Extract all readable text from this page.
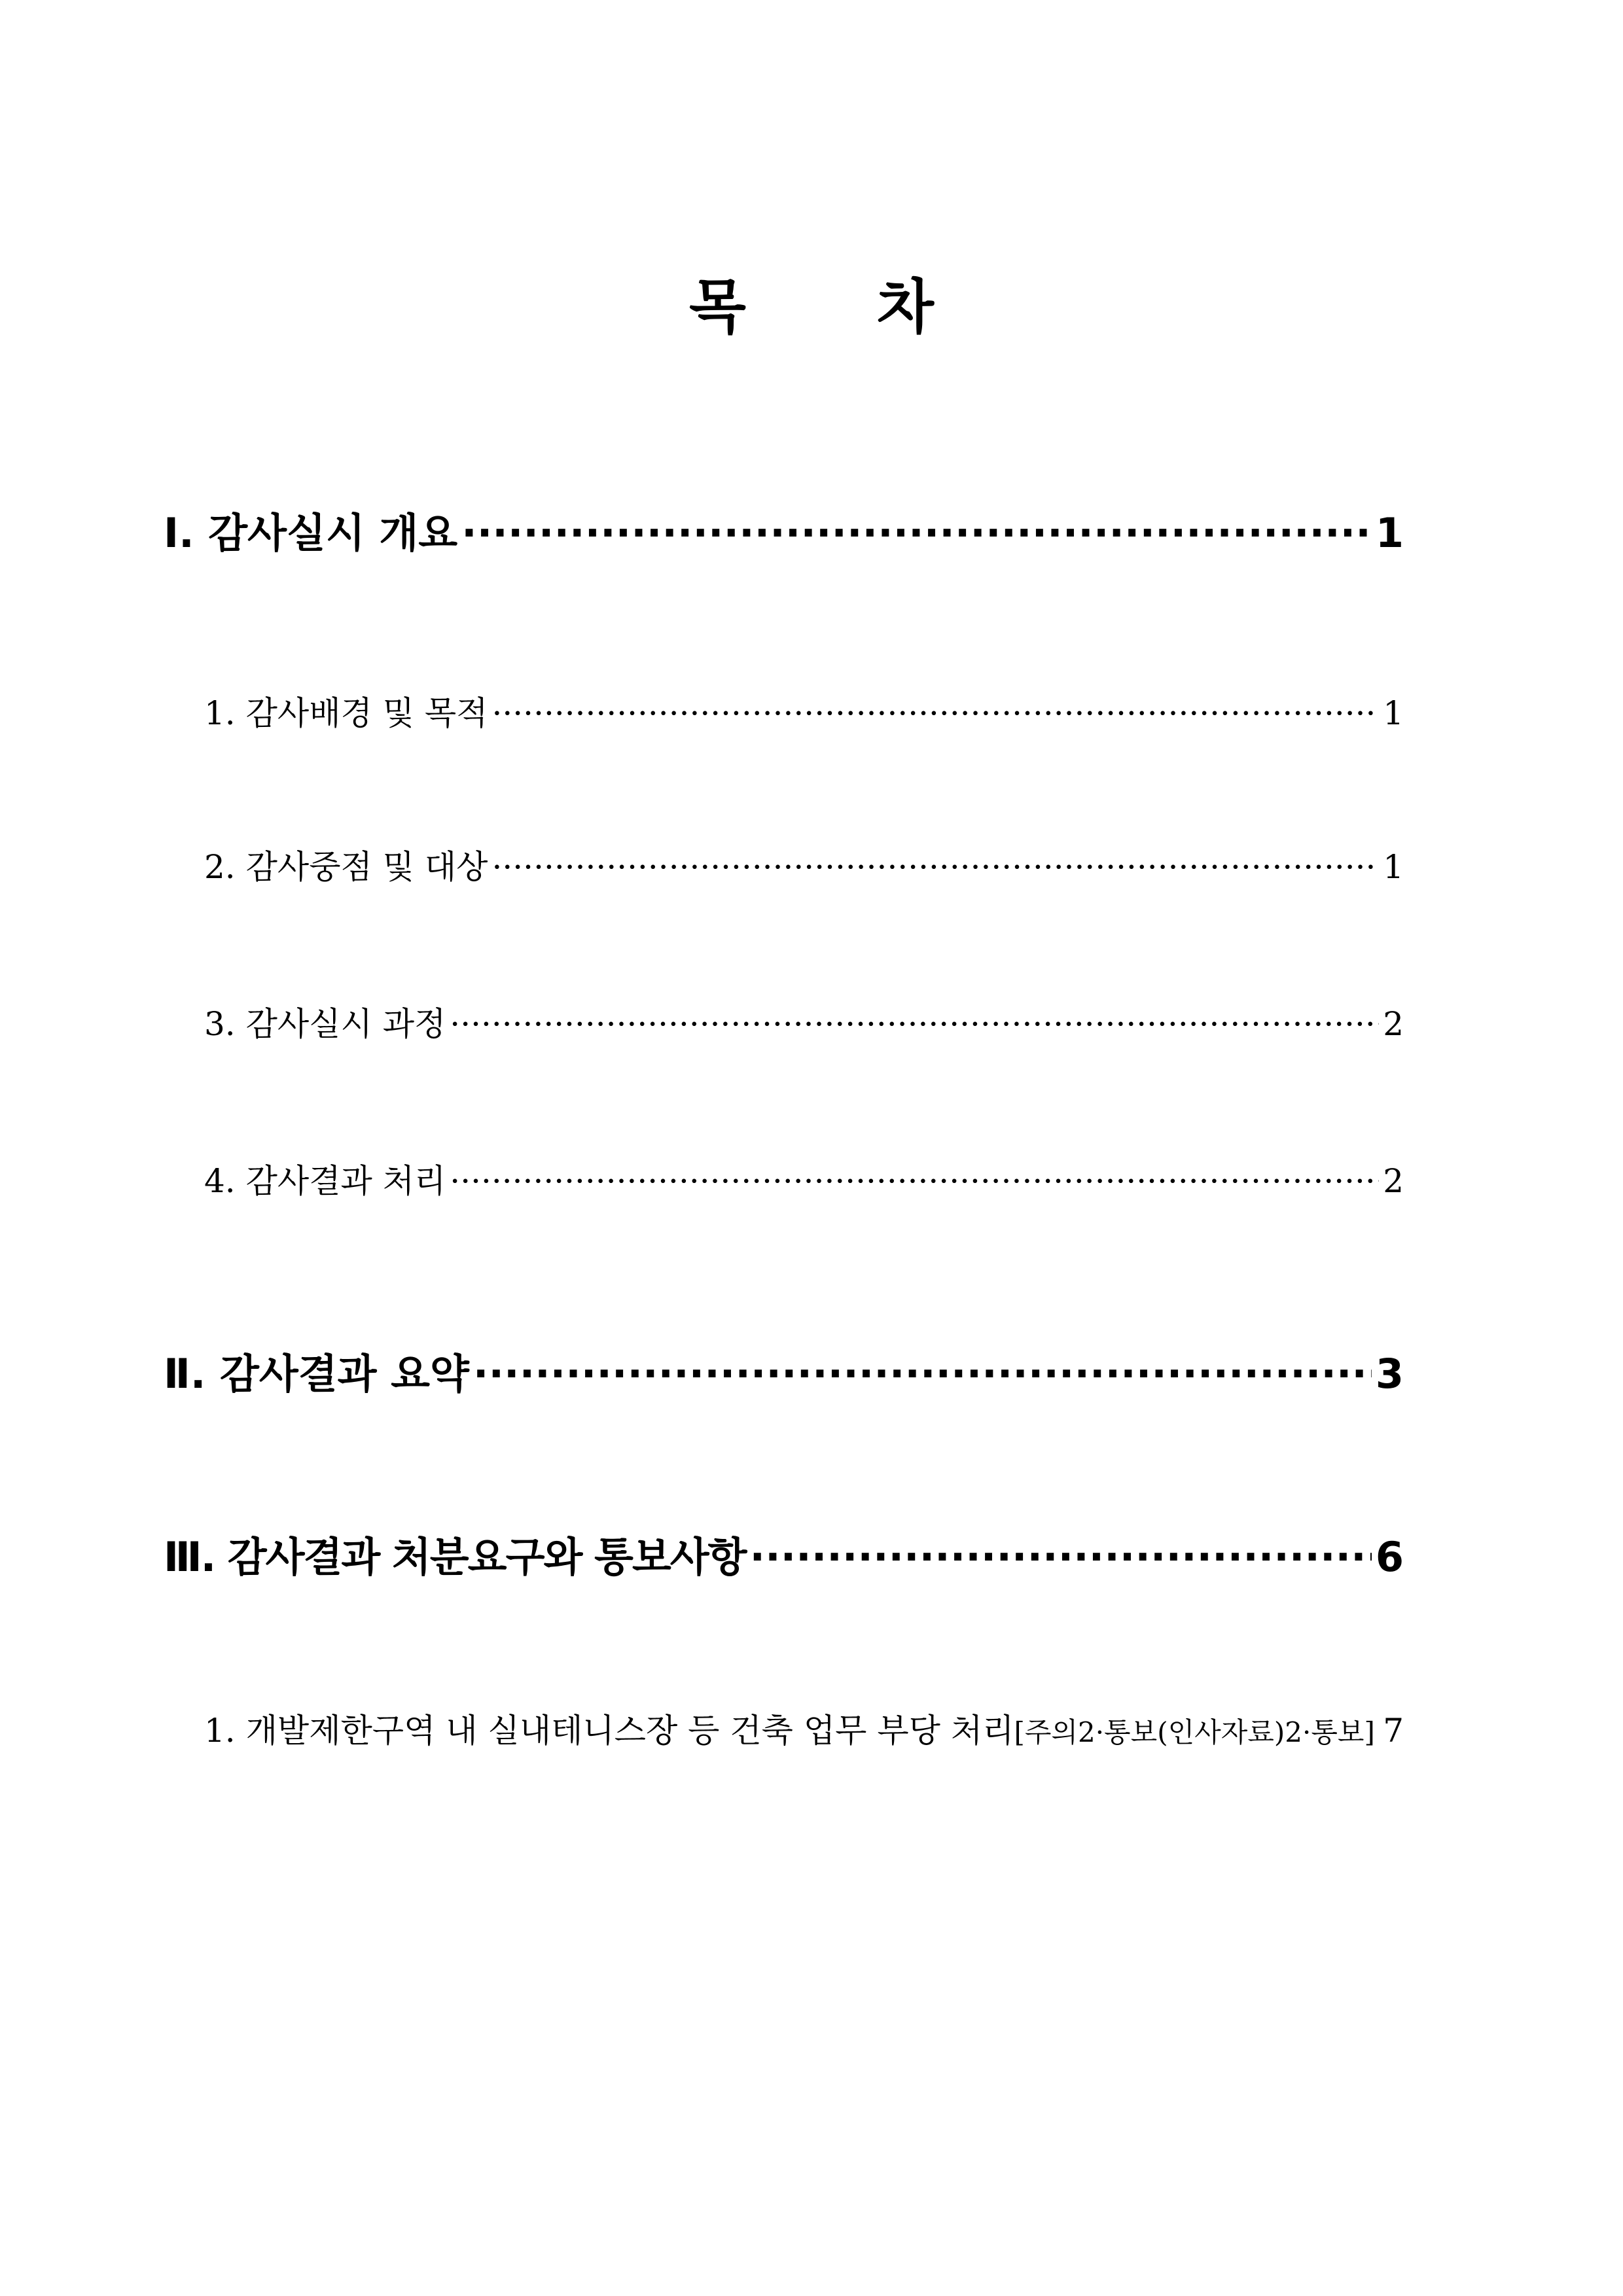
목 차
Ⅰ. 감사실시 개요 ·····	1
1. 감사배경 및 목적 ·····	1
2. 감사중점 및 대상 ·····	1
3. 감사실시 과정 ·····	2
4. 감사결과 처리 ·····	2
Ⅱ. 감사결과 요약 ·····	3
Ⅲ. 감사결과 처분요구와 통보사항 ·····	6
1. 개발제한구역 내 실내테니스장 등 건축 업무 부당 처리[주의2·통보(인사자료)2·통보] ····· 7
